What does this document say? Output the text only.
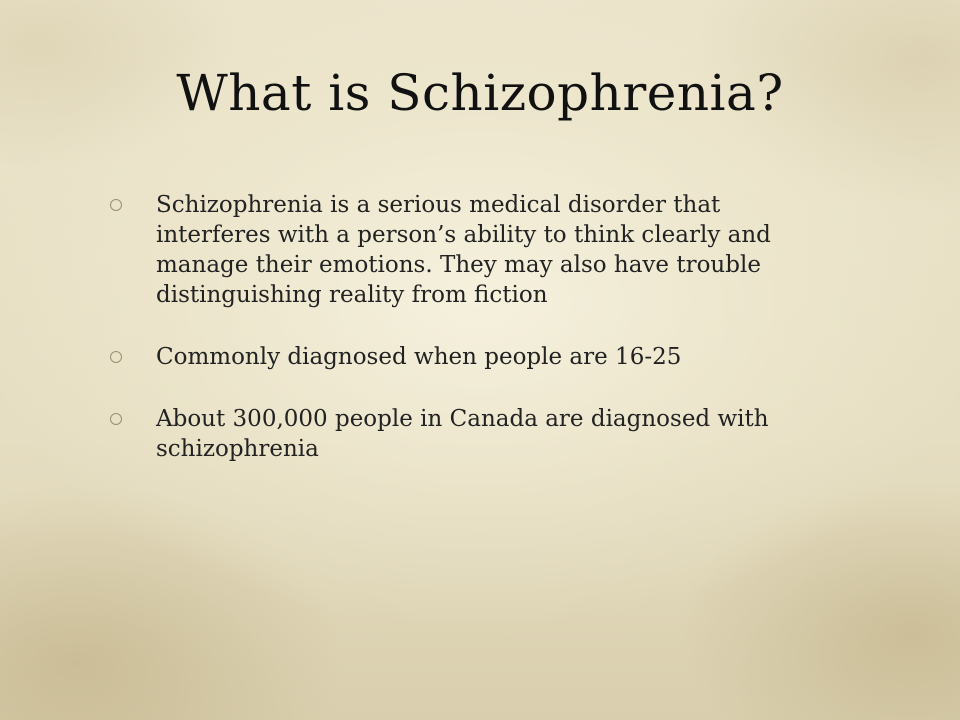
What is Schizophrenia?
Schizophrenia is a serious medical disorder that interferes with a person’s ability to think clearly and manage their emotions. They may also have trouble distinguishing reality from fiction
Commonly diagnosed when people are 16-25
About 300,000 people in Canada are diagnosed with schizophrenia
